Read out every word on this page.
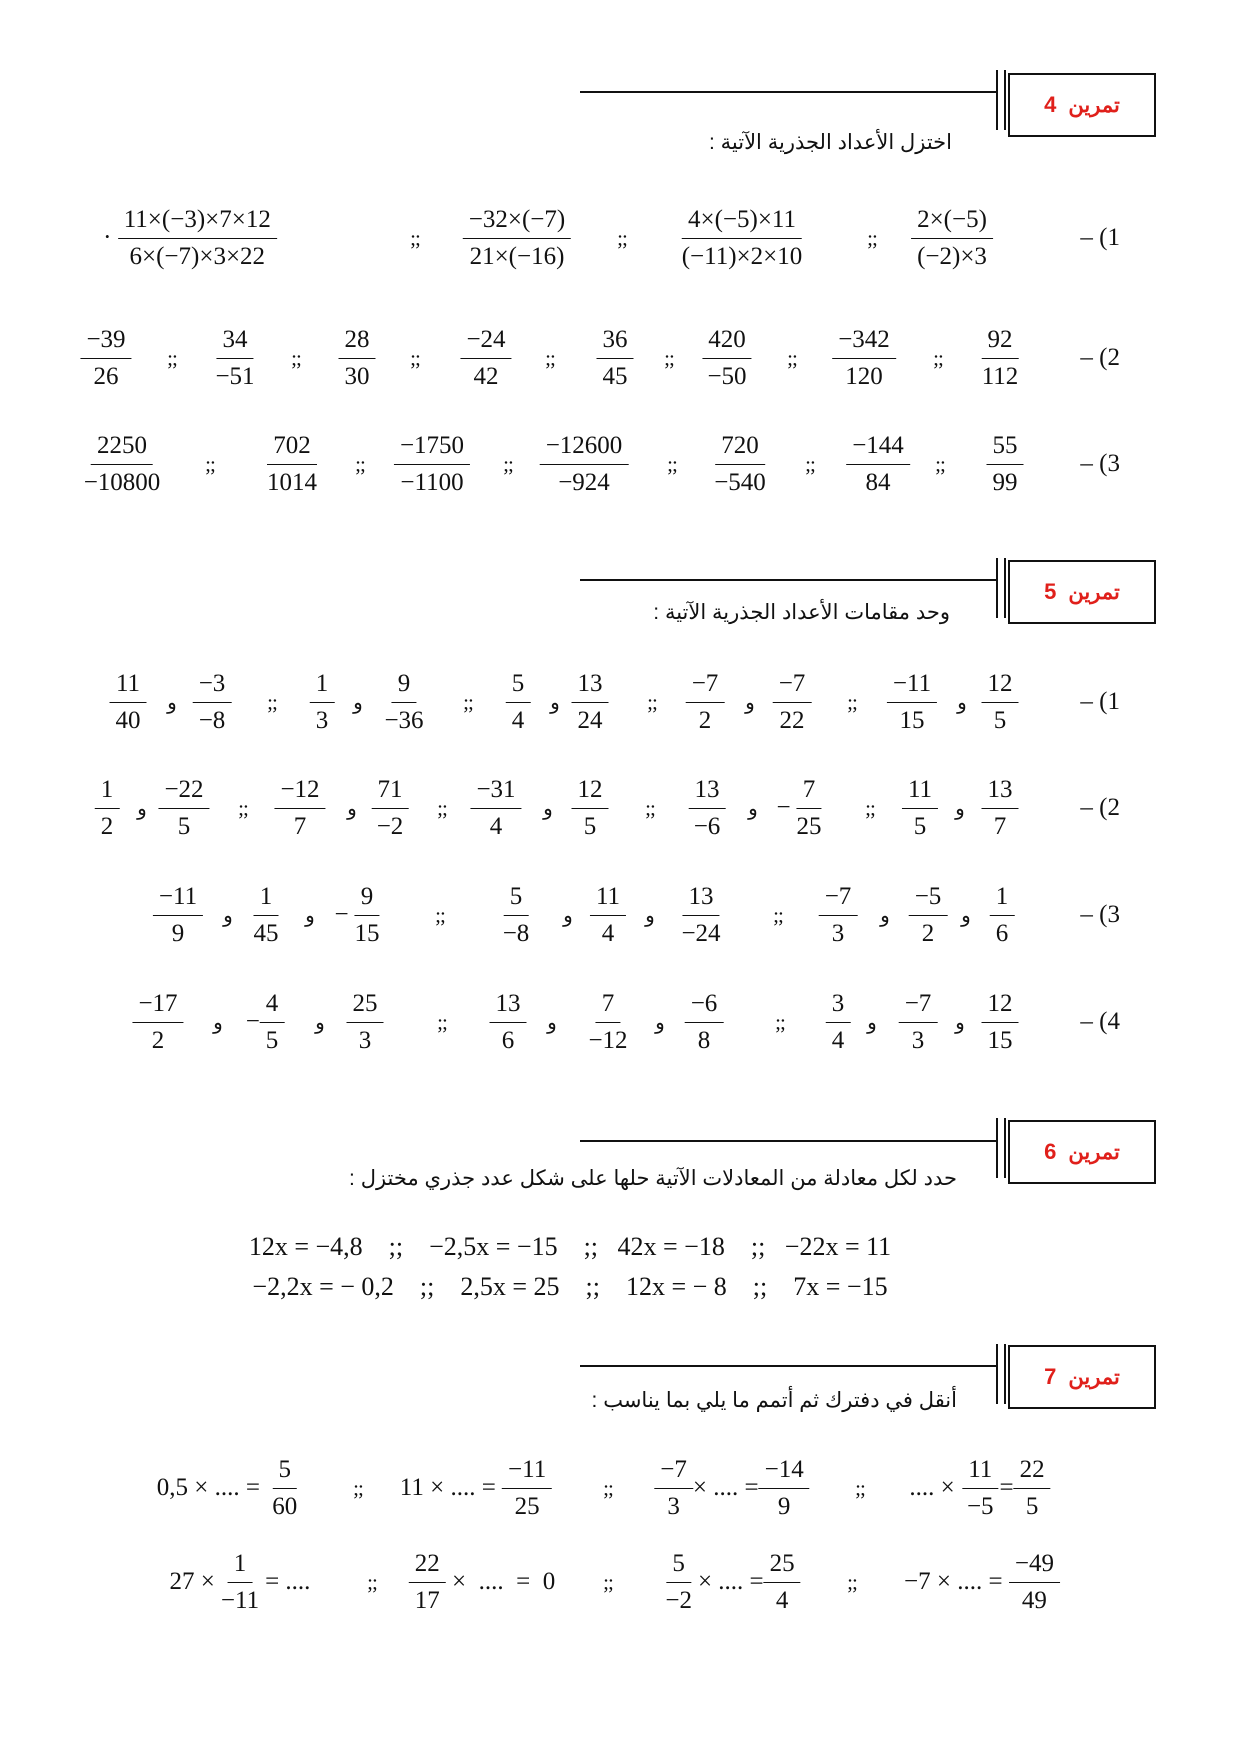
تمرين
4
اختزل الأعداد الجذرية الآتية :
·
11×(−3)×7×12
6×(−7)×3×22
;;
−32×(−7)
21×(−16)
;;
4×(−5)×11
(−11)×2×10
;;
2×(−5)
(−2)×3
1) –
−39
26
;;
34
−51
;;
28
30
;;
−24
42
;;
36
45
;;
420
−50
;;
−342
120
;;
92
112
2) –
2250
−10800
;;
702
1014
;;
−1750
−1100
;;
−12600
−924
;;
720
−540
;;
−144
84
;;
55
99
3) –
تمرين
5
وحد مقامات الأعداد الجذرية الآتية :
11
40
و
−3
−8
;;
1
3
و
9
−36
;;
5
4
و
13
24
;;
−7
2
و
−7
22
;;
−11
15
و
12
5
1) –
1
2
و
−22
5
;;
−12
7
و
71
−2
;;
−31
4
و
12
5
;;
13
−6
و − $\frac{7}{25}$ ;;
11
5
و
13
7
2) –
−11
9
و
1
45
و − $\frac{9}{15}$ ;;
5
−8
و
11
4
و
13
−24
;;
−7
3
و
−5
2
و
1
6
3) –
−17
2
و − $\frac{4}{5}$ و
25
3
;;
13
6
و
7
−12
و
−6
8
;;
3
4
و
−7
3
و
12
15
4) –
تمرين
6
حدد لكل معادلة من المعادلات الآتية حلها على شكل عدد جذري مختزل :
12x = −4,8    ;;    −2,5x = −15    ;;   42x = −18    ;;   −22x = 11
−2,2x = − 0,2    ;;    2,5x = 25    ;;    12x = − 8    ;;    7x = −15
تمرين
7
أنقل في دفترك ثم أتمم ما يلي بما يناسب :
0,5 × .... =
$\frac{5}{60}$ ;; 11 × .... =
$\frac{-11}{25}$ ;; $\frac{-7}{3}$ × .... = $\frac{-14}{9}$ ;; .... ×
$\frac{11}{-5} = \frac{22}{5}$
$27 \times \frac{1}{-11}$ = ....	;; $\frac{22}{17}$
×  ....  =  0 ;; $\frac{5}{-2}$ × .... = $\frac{25}{4}$ ;; −7 × .... =
$\frac{-49}{49}$
